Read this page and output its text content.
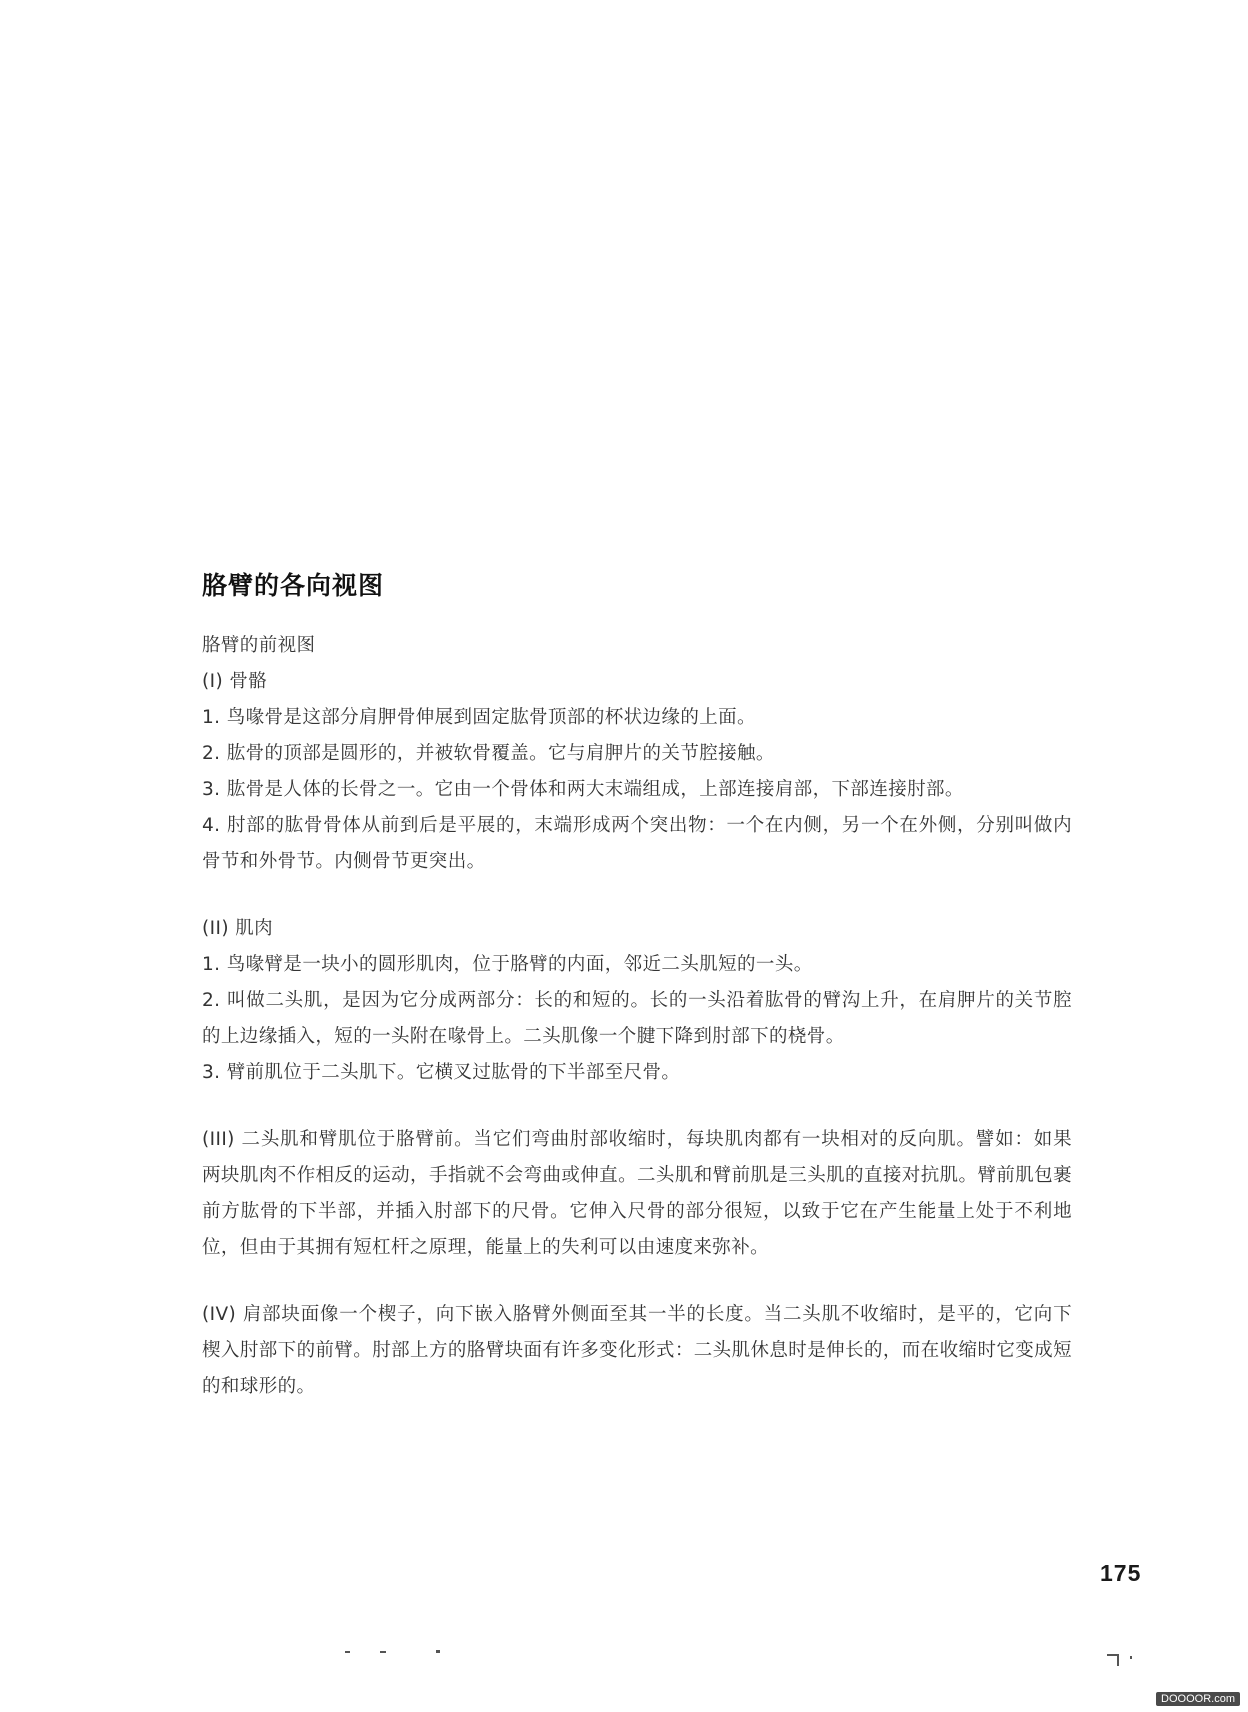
胳臂的各向视图

胳臂的前视图

(I) 骨骼

1. 鸟喙骨是这部分肩胛骨伸展到固定肱骨顶部的杯状边缘的上面。

2. 肱骨的顶部是圆形的，并被软骨覆盖。它与肩胛片的关节腔接触。

3. 肱骨是人体的长骨之一。它由一个骨体和两大末端组成，上部连接肩部，下部连接肘部。

4. 肘部的肱骨骨体从前到后是平展的，末端形成两个突出物：一个在内侧，另一个在外侧，分别叫做内骨节和外骨节。内侧骨节更突出。

(II) 肌肉

1. 鸟喙臂是一块小的圆形肌肉，位于胳臂的内面，邻近二头肌短的一头。

2. 叫做二头肌，是因为它分成两部分：长的和短的。长的一头沿着肱骨的臂沟上升，在肩胛片的关节腔的上边缘插入，短的一头附在喙骨上。二头肌像一个腱下降到肘部下的桡骨。

3. 臂前肌位于二头肌下。它横叉过肱骨的下半部至尺骨。

(III) 二头肌和臂肌位于胳臂前。当它们弯曲肘部收缩时，每块肌肉都有一块相对的反向肌。譬如：如果两块肌肉不作相反的运动，手指就不会弯曲或伸直。二头肌和臂前肌是三头肌的直接对抗肌。臂前肌包裹前方肱骨的下半部，并插入肘部下的尺骨。它伸入尺骨的部分很短，以致于它在产生能量上处于不利地位，但由于其拥有短杠杆之原理，能量上的失利可以由速度来弥补。

(IV) 肩部块面像一个楔子，向下嵌入胳臂外侧面至其一半的长度。当二头肌不收缩时，是平的，它向下楔入肘部下的前臂。肘部上方的胳臂块面有许多变化形式：二头肌休息时是伸长的，而在收缩时它变成短的和球形的。

175
DOOOOR.com
